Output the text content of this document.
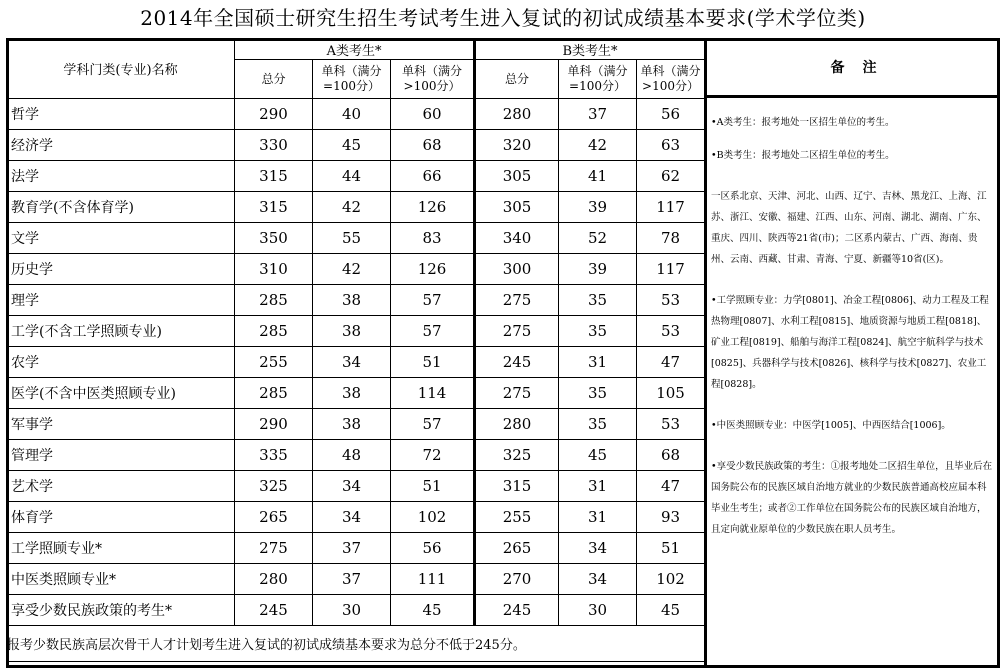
2014年全国硕士研究生招生考试考生进入复试的初试成绩基本要求(学术学位类)
学科门类(专业)名称	A类考生*			B类考生*		
	总分	单科（满分=100分）	单科（满分>100分）	总分	单科（满分=100分）	单科（满分>100分）
哲学	290	40	60	280	37	56
经济学	330	45	68	320	42	63
法学	315	44	66	305	41	62
教育学(不含体育学)	315	42	126	305	39	117
文学	350	55	83	340	52	78
历史学	310	42	126	300	39	117
理学	285	38	57	275	35	53
工学(不含工学照顾专业)	285	38	57	275	35	53
农学	255	34	51	245	31	47
医学(不含中医类照顾专业)	285	38	114	275	35	105
军事学	290	38	57	280	35	53
管理学	335	48	72	325	45	68
艺术学	325	34	51	315	31	47
体育学	265	34	102	255	31	93
工学照顾专业*	275	37	56	265	34	51
中医类照顾专业*	280	37	111	270	34	102
享受少数民族政策的考生*	245	30	45	245	30	45
报考少数民族高层次骨干人才计划考生进入复试的初试成绩基本要求为总分不低于245分。						
备注

•A类考生：报考地处一区招生单位的考生。

•B类考生：报考地处二区招生单位的考生。

一区系北京、天津、河北、山西、辽宁、吉林、黑龙江、上海、江苏、浙江、安徽、福建、江西、山东、河南、湖北、湖南、广东、重庆、四川、陕西等21省(市)；二区系内蒙古、广西、海南、贵州、云南、西藏、甘肃、青海、宁夏、新疆等10省(区)。

•工学照顾专业：力学[0801]、冶金工程[0806]、动力工程及工程热物理[0807]、水利工程[0815]、地质资源与地质工程[0818]、矿业工程[0819]、船舶与海洋工程[0824]、航空宇航科学与技术[0825]、兵器科学与技术[0826]、核科学与技术[0827]、农业工程[0828]。

•中医类照顾专业：中医学[1005]、中西医结合[1006]。

•享受少数民族政策的考生：①报考地处二区招生单位，且毕业后在国务院公布的民族区域自治地方就业的少数民族普通高校应届本科毕业生考生；或者②工作单位在国务院公布的民族区域自治地方，且定向就业原单位的少数民族在职人员考生。
